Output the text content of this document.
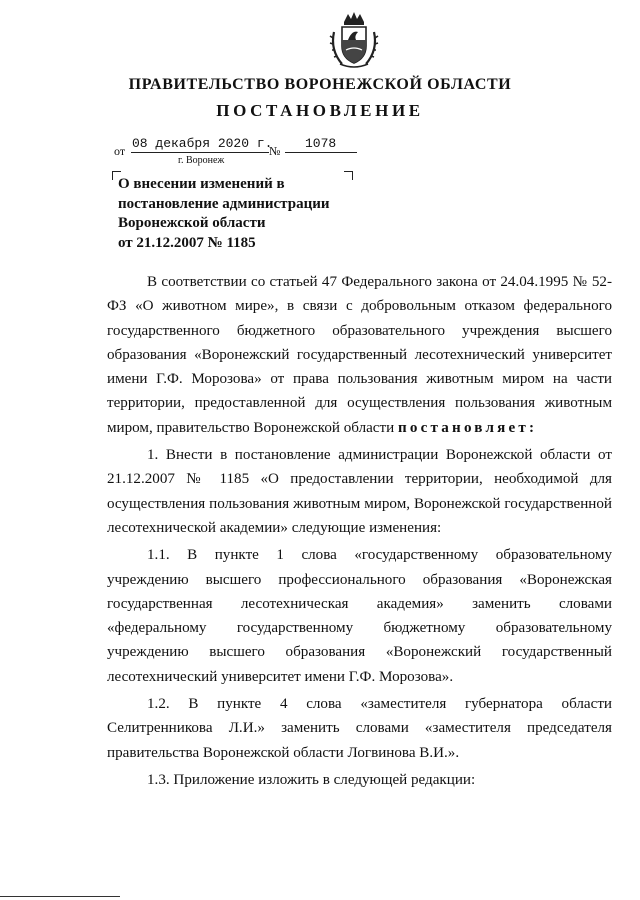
ПРАВИТЕЛЬСТВО ВОРОНЕЖСКОЙ ОБЛАСТИ
ПОСТАНОВЛЕНИЕ
от 08 декабря 2020 г.
№ 1078
г. Воронеж
О внесении изменений в
постановление администрации
Воронежской области
от 21.12.2007 № 1185

В соответствии со статьей 47 Федерального закона от 24.04.1995 № 52-ФЗ «О животном мире», в связи с добровольным отказом федерального государственного бюджетного образовательного учреждения высшего образования «Воронежский государственный лесотехнический университет имени Г.Ф. Морозова» от права пользования животным миром на части территории, предоставленной для осуществления пользования животным миром, правительство Воронежской области постановляет:

1. Внести в постановление администрации Воронежской области от 21.12.2007 № 1185 «О предоставлении территории, необходимой для осуществления пользования животным миром, Воронежской государственной лесотехнической академии» следующие изменения:

1.1. В пункте 1 слова «государственному образовательному учреждению высшего профессионального образования «Воронежская государственная лесотехническая академия» заменить словами «федеральному государственному бюджетному образовательному учреждению высшего образования «Воронежский государственный лесотехнический университет имени Г.Ф. Морозова».

1.2. В пункте 4 слова «заместителя губернатора области Селитренникова Л.И.» заменить словами «заместителя председателя правительства Воронежской области Логвинова В.И.».

1.3. Приложение изложить в следующей редакции:
